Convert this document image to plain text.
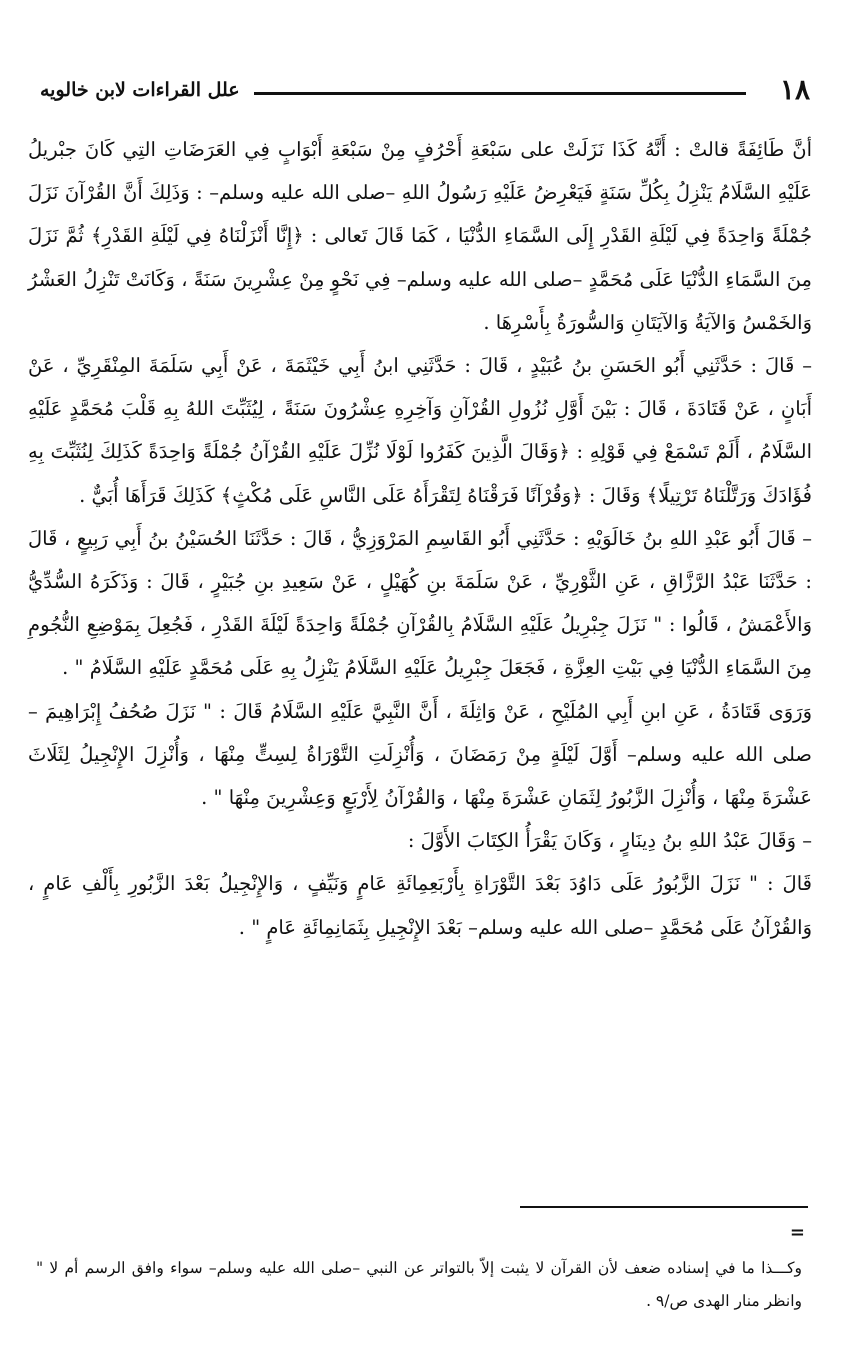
١٨
علل القراءات لابن خالويه

أنَّ طَائِفَةً قالتْ : أَنَّهُ كَذَا نَزَلَتْ على سَبْعَةِ أَحْرُفٍ مِنْ سَبْعَةِ أَبْوَابٍ فِي العَرَضَاتِ التِي كَانَ جبْريلُ عَلَيْهِ السَّلَامُ يَنْزِلُ بِكُلِّ سَنَةٍ فَيَعْرِضُ عَلَيْهِ رَسُولُ اللهِ –صلى الله عليه وسلم– : وَذَلِكَ أَنَّ القُرْآنَ نَزَلَ جُمْلَةً وَاحِدَةً فِي لَيْلَةِ القَدْرِ إِلَى السَّمَاءِ الدُّنْيَا ، كَمَا قَالَ تَعالى : ﴿إِنَّا أَنْزَلْنَاهُ فِي لَيْلَةِ القَدْرِ﴾ ثُمَّ نَزَلَ مِنَ السَّمَاءِ الدُّنْيَا عَلَى مُحَمَّدٍ –صلى الله عليه وسلم– فِي نَحْوٍ مِنْ عِشْرِينَ سَنَةً ، وَكَانَتْ تَنْزِلُ العَشْرُ وَالخَمْسُ وَالآيَةُ وَالآيَتَانِ وَالسُّورَةُ بِأَسْرِهَا .

– قَالَ : حَدَّثَنِي أَبُو الحَسَنِ بنُ عُبَيْدٍ ، قَالَ : حَدَّثَنِي ابنُ أَبِي خَيْثَمَةَ ، عَنْ أَبِي سَلَمَةَ المِنْقَرِيِّ ، عَنْ أَبَانٍ ، عَنْ قَتَادَةَ ، قَالَ : بَيْنَ أَوَّلِ نُزُولِ القُرْآنِ وَآخِرِهِ عِشْرُونَ سَنَةً ، لِيُثَبِّتَ اللهُ بِهِ قَلْبَ مُحَمَّدٍ عَلَيْهِ السَّلَامُ ، أَلَمْ تَسْمَعْ فِي قَوْلِهِ : ﴿وَقَالَ الَّذِينَ كَفَرُوا لَوْلَا نُزِّلَ عَلَيْهِ القُرْآنُ جُمْلَةً وَاحِدَةً كَذَلِكَ لِنُثَبِّتَ بِهِ فُؤَادَكَ وَرَتَّلْنَاهُ تَرْتِيلًا﴾ وَقَالَ : ﴿وَقُرْآنًا فَرَقْنَاهُ لِتَقْرَأَهُ عَلَى النَّاسِ عَلَى مُكْثٍ﴾ كَذَلِكَ قَرَأَهَا أُبَيٌّ .

– قَالَ أَبُو عَبْدِ اللهِ بنُ خَالَوَيْهِ : حَدَّثَنِي أَبُو القَاسِمِ المَرْوَزِيُّ ، قَالَ : حَدَّثَنَا الحُسَيْنُ بنُ أَبِي رَبِيعٍ ، قَالَ : حَدَّثَنَا عَبْدُ الرَّزَّاقِ ، عَنِ الثَّوْرِيِّ ، عَنْ سَلَمَةَ بنِ كُهَيْلٍ ، عَنْ سَعِيدِ بنِ جُبَيْرٍ ، قَالَ : وَذَكَرَهُ السُّدِّيُّ وَالأَعْمَشُ ، قَالُوا : " نَزَلَ جِبْرِيلُ عَلَيْهِ السَّلَامُ بِالقُرْآنِ جُمْلَةً وَاحِدَةً لَيْلَةَ القَدْرِ ، فَجُعِلَ بِمَوْضِعِ النُّجُومِ مِنَ السَّمَاءِ الدُّنْيَا فِي بَيْتِ العِزَّةِ ، فَجَعَلَ جِبْرِيلُ عَلَيْهِ السَّلَامُ يَنْزِلُ بِهِ عَلَى مُحَمَّدٍ عَلَيْهِ السَّلَامُ " .

وَرَوَى قَتَادَةُ ، عَنِ ابنِ أَبِي المُلَيْحِ ، عَنْ وَاثِلَةَ ، أَنَّ النَّبِيَّ عَلَيْهِ السَّلَامُ قَالَ : " نَزَلَ صُحُفُ إِبْرَاهِيمَ –صلى الله عليه وسلم– أَوَّلَ لَيْلَةٍ مِنْ رَمَضَانَ ، وَأُنْزِلَتِ التَّوْرَاةُ لِسِتٍّ مِنْهَا ، وَأُنْزِلَ الإِنْجِيلُ لِثَلَاثَ عَشْرَةَ مِنْهَا ، وَأُنْزِلَ الزَّبُورُ لِثَمَانِ عَشْرَةَ مِنْهَا ، وَالقُرْآنُ لِأَرْبَعٍ وَعِشْرِينَ مِنْهَا " .

– وَقَالَ عَبْدُ اللهِ بنُ دِينَارٍ ، وَكَانَ يَقْرَأُ الكِتَابَ الأَوَّلَ :

قَالَ : " نَزَلَ الزَّبُورُ عَلَى دَاوُدَ بَعْدَ التَّوْرَاةِ بِأَرْبَعِمِائَةِ عَامٍ وَنَيِّفٍ ، وَالإِنْجِيلُ بَعْدَ الزَّبُورِ بِأَلْفِ عَامٍ ، وَالقُرْآنُ عَلَى مُحَمَّدٍ –صلى الله عليه وسلم– بَعْدَ الإِنْجِيلِ بِثَمَانِمِائَةِ عَامٍ " .

=

وكـــذا ما في إسناده ضعف لأن القرآن لا يثبت إلاّ بالتواتر عن النبي –صلى الله عليه وسلم– سواء وافق الرسم أم لا " وانظر منار الهدى ص/٩ .
